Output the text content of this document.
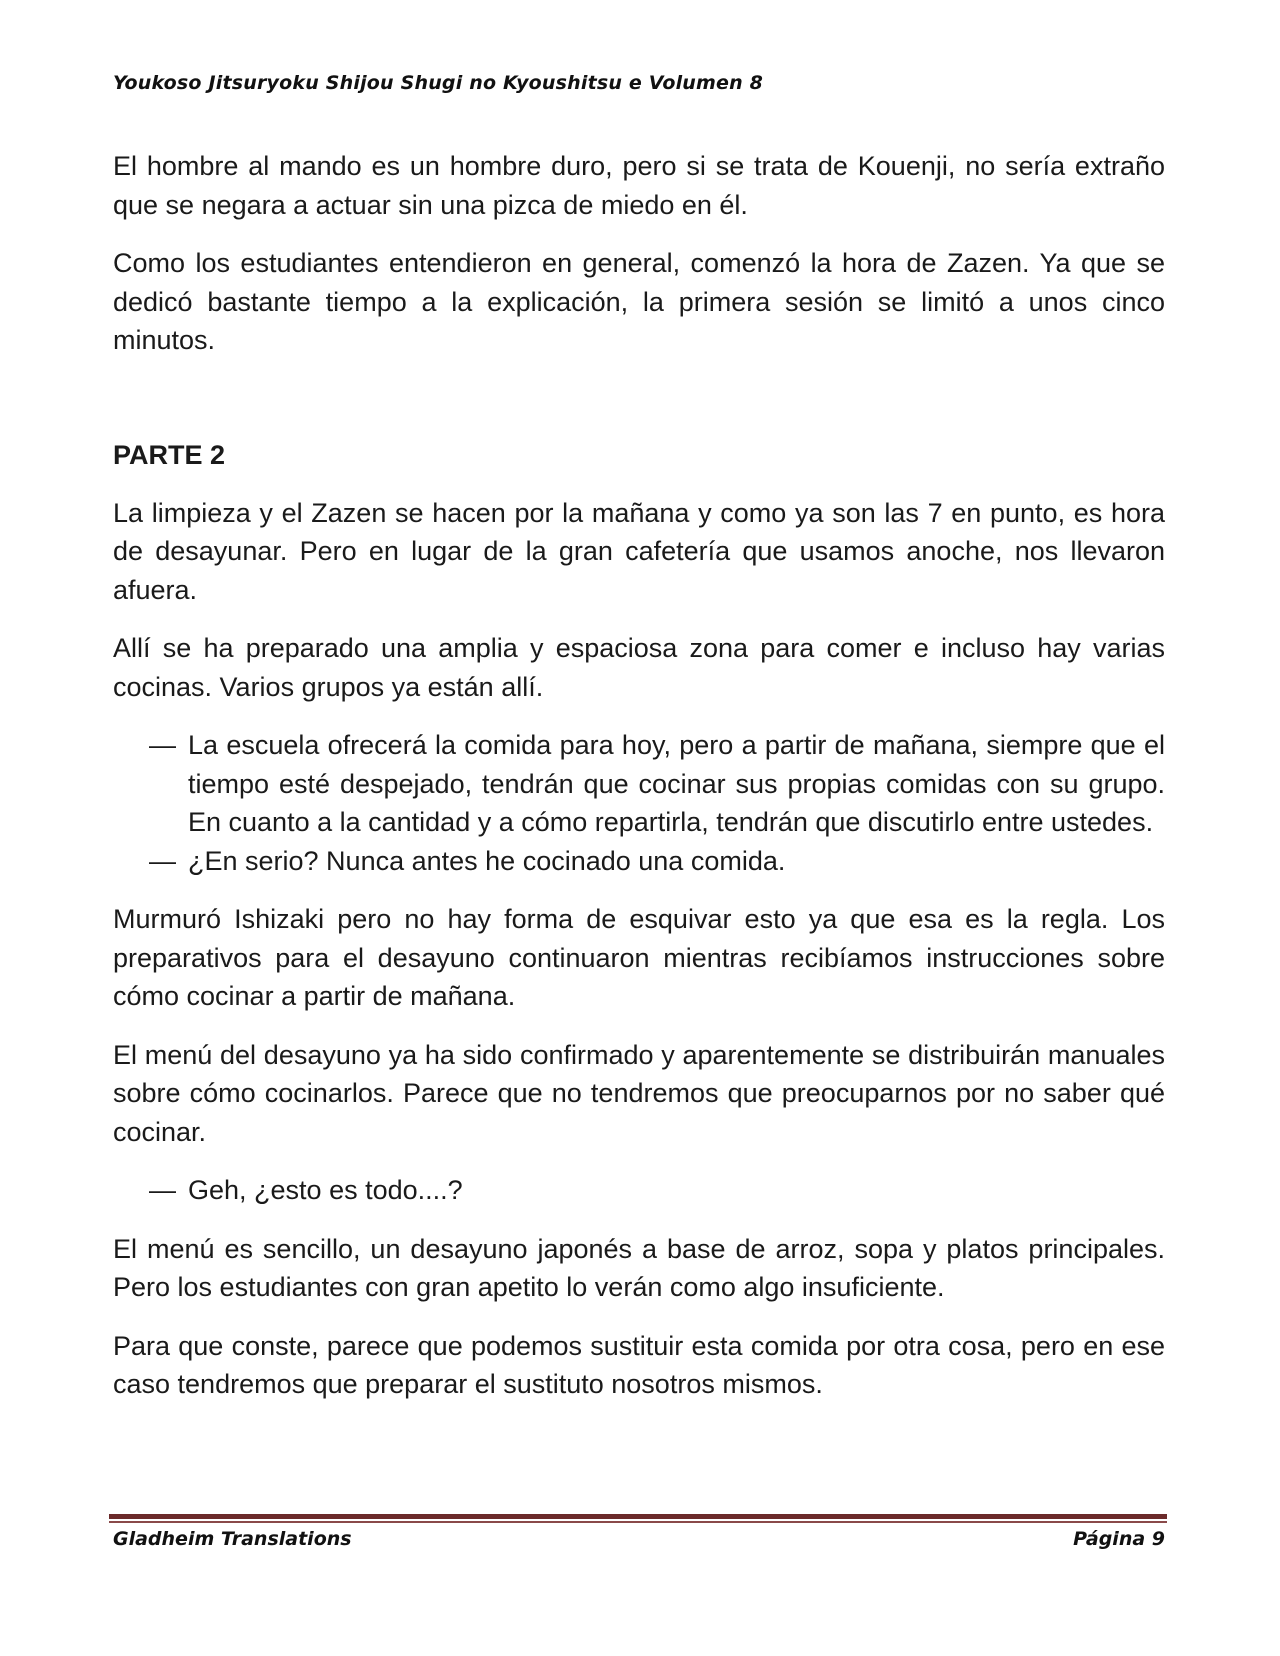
Youkoso Jitsuryoku Shijou Shugi no Kyoushitsu e Volumen 8

El hombre al mando es un hombre duro, pero si se trata de Kouenji, no sería extraño que se negara a actuar sin una pizca de miedo en él.

Como los estudiantes entendieron en general, comenzó la hora de Zazen. Ya que se dedicó bastante tiempo a la explicación, la primera sesión se limitó a unos cinco minutos.

PARTE 2

La limpieza y el Zazen se hacen por la mañana y como ya son las 7 en punto, es hora de desayunar. Pero en lugar de la gran cafetería que usamos anoche, nos llevaron afuera.

Allí se ha preparado una amplia y espaciosa zona para comer e incluso hay varias cocinas. Varios grupos ya están allí.

— La escuela ofrecerá la comida para hoy, pero a partir de mañana, siempre que el tiempo esté despejado, tendrán que cocinar sus propias comidas con su grupo. En cuanto a la cantidad y a cómo repartirla, tendrán que discutirlo entre ustedes.

— ¿En serio? Nunca antes he cocinado una comida.

Murmuró Ishizaki pero no hay forma de esquivar esto ya que esa es la regla. Los preparativos para el desayuno continuaron mientras recibíamos instrucciones sobre cómo cocinar a partir de mañana.

El menú del desayuno ya ha sido confirmado y aparentemente se distribuirán manuales sobre cómo cocinarlos. Parece que no tendremos que preocuparnos por no saber qué cocinar.

— Geh, ¿esto es todo....?

El menú es sencillo, un desayuno japonés a base de arroz, sopa y platos principales. Pero los estudiantes con gran apetito lo verán como algo insuficiente.

Para que conste, parece que podemos sustituir esta comida por otra cosa, pero en ese caso tendremos que preparar el sustituto nosotros mismos.

Gladheim Translations	Página 9
